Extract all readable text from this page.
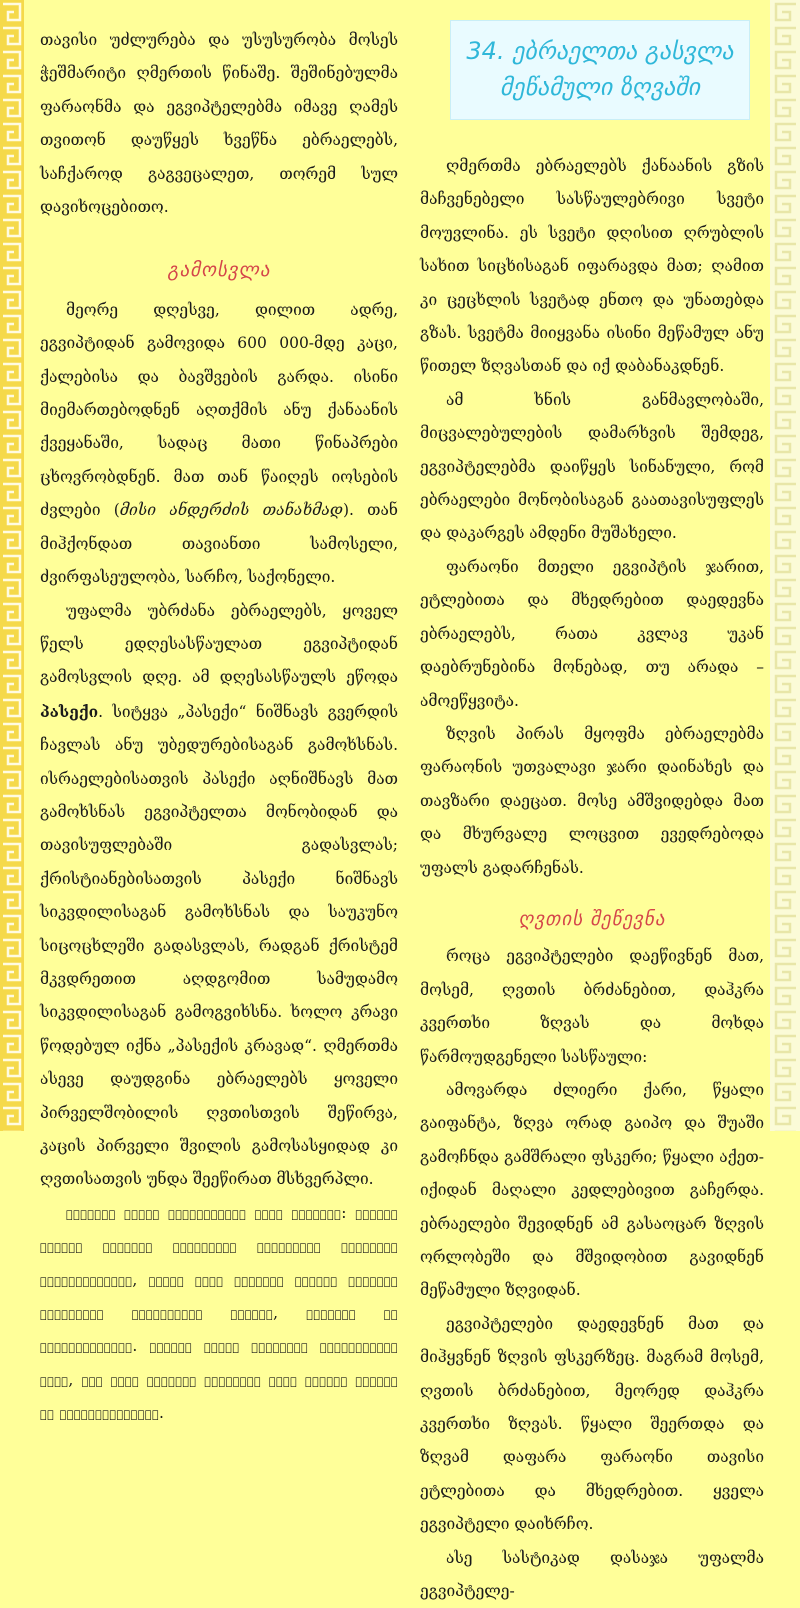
თავისი უძლურება და უსუსურობა მოსეს ჭეშმარიტი ღმერთის წინაშე. შეშინებულმა ფარაონმა და ეგვიპტელებმა იმავე ღამეს თვითონ დაუწყეს ხვეწნა ებრაელებს, საჩქაროდ გაგვეცალეთ, თორემ სულ დავიხოცებითო.

გამოსვლა

მეორე დღესვე, დილით ადრე, ეგვიპტიდან გამოვიდა 600 000-მდე კაცი, ქალებისა და ბავშვების გარდა. ისინი მიემართებოდნენ აღთქმის ანუ ქანაანის ქვეყანაში, სადაც მათი წინაპრები ცხოვრობდნენ. მათ თან წაიღეს იოსების ძვლები (მისი ანდერძის თანახმად). თან მიჰქონდათ თავიანთი სამოსელი, ძვირფასეულობა, სარჩო, საქონელი.

უფალმა უბრძანა ებრაელებს, ყოველ წელს ედღესასწაულათ ეგვიპტიდან გამოსვლის დღე. ამ დღესასწაულს ეწოდა პასექი. სიტყვა „პასექი“ ნიშნავს გვერდის ჩავლას ანუ უბედურებისაგან გამოხსნას. ისრაელებისათვის პასექი აღნიშნავს მათ გამოხსნას ეგვიპტელთა მონობიდან და თავისუფლებაში გადასვლას; ქრისტიანებისათვის პასექი ნიშნავს სიკვდილისაგან გამოხსნას და საუკუნო სიცოცხლეში გადასვლას, რადგან ქრისტემ მკვდრეთით აღდგომით სამუდამო სიკვდილისაგან გამოგვიხსნა. ხოლო კრავი წოდებულ იქნა „პასექის კრავად“. ღმერთმა ასევე დაუდგინა ებრაელებს ყოველი პირველშობილის ღვთისთვის შეწირვა, კაცის პირველი შვილის გამოსასყიდად კი ღვთისათვის უნდა შეეწირათ მსხვერპლი.

პასექის კრავი მოასწავებდა იესო ქრისტეს: როგორც კრავის სისხლმა გამოიხსნა ებრაელები პირმშოთა სიკვდილისაგან, ასევე იესო ქრისტემ თავისი სისხლით გამოიხსნა ადამიანები ცოდვის, წყევისა და სიკვდილისაგან. კრავის ძვლის არგატეხა მოასწავებდა იმას, რომ იესო ქრისტეს ჯვარცმის დროს წვივის ძვლებს არ გადაუტეხავდნენ.

34. ებრაელთა გასვლა
მეწამული ზღვაში

ღმერთმა ებრაელებს ქანაანის გზის მაჩვენებელი სასწაულებრივი სვეტი მოუვლინა. ეს სვეტი დღისით ღრუბლის სახით სიცხისაგან იფარავდა მათ; ღამით კი ცეცხლის სვეტად ენთო და უნათებდა გზას. სვეტმა მიიყვანა ისინი მეწამულ ანუ წითელ ზღვასთან და იქ დაბანაკდნენ.

ამ ხნის განმავლობაში, მიცვალებულების დამარხვის შემდეგ, ეგვიპტელებმა დაიწყეს სინანული, რომ ებრაელები მონობისაგან გაათავისუფლეს და დაკარგეს ამდენი მუშახელი.

ფარაონი მთელი ეგვიპტის ჯარით, ეტლებითა და მხედრებით დაედევნა ებრაელებს, რათა კვლავ უკან დაებრუნებინა მონებად, თუ არადა – ამოეწყვიტა.

ზღვის პირას მყოფმა ებრაელებმა ფარაონის უთვალავი ჯარი დაინახეს და თავზარი დაეცათ. მოსე ამშვიდებდა მათ და მხურვალე ლოცვით ევედრებოდა უფალს გადარჩენას.

ღვთის შეწევნა

როცა ეგვიპტელები დაეწივნენ მათ, მოსემ, ღვთის ბრძანებით, დაჰკრა კვერთხი ზღვას და მოხდა წარმოუდგენელი სასწაული:

ამოვარდა ძლიერი ქარი, წყალი გაიფანტა, ზღვა ორად გაიპო და შუაში გამოჩნდა გამშრალი ფსკერი; წყალი აქეთ-იქიდან მაღალი კედლებივით გაჩერდა. ებრაელები შევიდნენ ამ გასაოცარ ზღვის ორლობეში და მშვიდობით გავიდნენ მეწამული ზღვიდან.

ეგვიპტელები დაედევნენ მათ და მიჰყვნენ ზღვის ფსკერზეც. მაგრამ მოსემ, ღვთის ბრძანებით, მეორედ დაჰკრა კვერთხი ზღვას. წყალი შეერთდა და ზღვამ დაფარა ფარაონი თავისი ეტლებითა და მხედრებით. ყველა ეგვიპტელი დაიხრჩო.

ასე სასტიკად დასაჯა უფალმა ეგვიპტელე-
